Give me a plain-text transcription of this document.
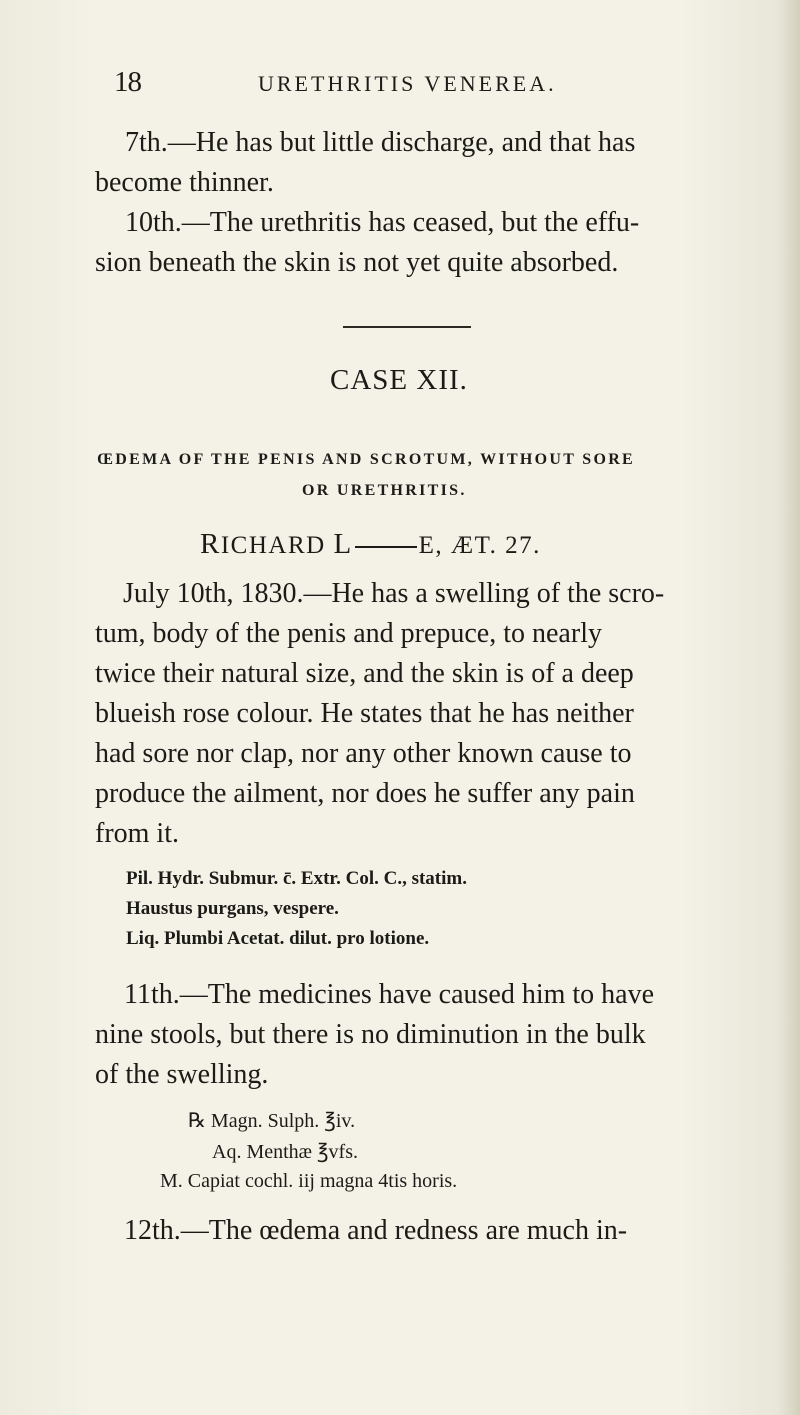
18	URETHRITIS VENEREA.
7th.—He has but little discharge, and that has
become thinner.
10th.—The urethritis has ceased, but the effu-
sion beneath the skin is not yet quite absorbed.
CASE XII.
ŒDEMA OF THE PENIS AND SCROTUM, WITHOUT SORE
OR URETHRITIS.
RICHARD L	E, ÆT. 27.
July 10th, 1830.—He has a swelling of the scro-
tum, body of the penis and prepuce, to nearly
twice their natural size, and the skin is of a deep
blueish rose colour. He states that he has neither
had sore nor clap, nor any other known cause to
produce the ailment, nor does he suffer any pain
from it.
Pil. Hydr. Submur. c̄. Extr. Col. C., statim.
Haustus purgans, vespere.
Liq. Plumbi Acetat. dilut. pro lotione.
11th.—The medicines have caused him to have
nine stools, but there is no diminution in the bulk
of the swelling.
℞ Magn. Sulph. ℥iv.
Aq. Menthæ ℥vfs.
M. Capiat cochl. iij magna 4tis horis.
12th.—The œdema and redness are much in-
